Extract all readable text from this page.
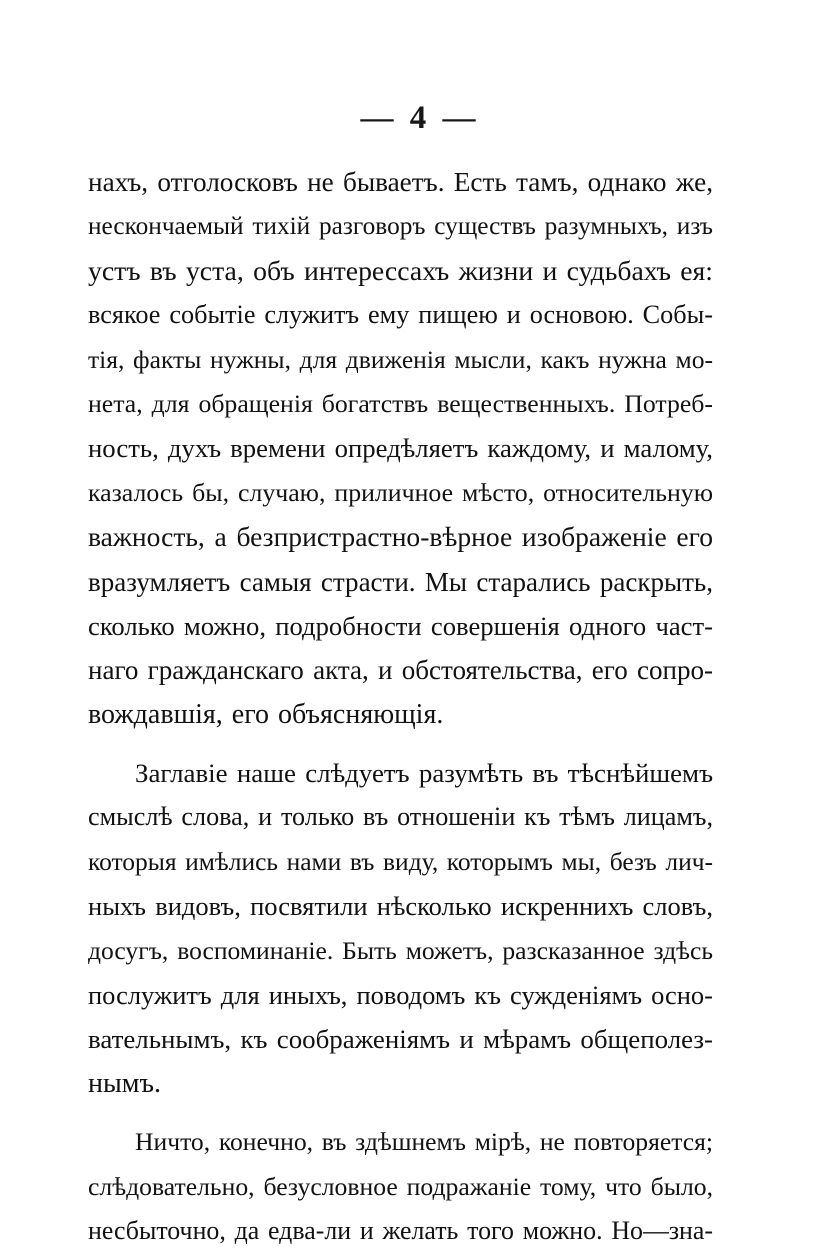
— 4 —
нахъ, отголосковъ не бываетъ. Есть тамъ, однако же,
нескончаемый тихій разговоръ существъ разумныхъ, изъ
устъ въ уста, объ интерессахъ жизни и судьбахъ ея:
всякое событіе служитъ ему пищею и основою. Собы-
тія, факты нужны, для движенія мысли, какъ нужна мо-
нета, для обращенія богатствъ вещественныхъ. Потреб-
ность, духъ времени опредѣляетъ каждому, и малому,
казалось бы, случаю, приличное мѣсто, относительную
важность, а безпристрастно-вѣрное изображеніе его
вразумляетъ самыя страсти. Мы старались раскрыть,
сколько можно, подробности совершенія одного част-
наго гражданскаго акта, и обстоятельства, его сопро-
вождавшія, его объясняющія.
Заглавіе наше слѣдуетъ разумѣть въ тѣснѣйшемъ
смыслѣ слова, и только въ отношеніи къ тѣмъ лицамъ,
которыя имѣлись нами въ виду, которымъ мы, безъ лич-
ныхъ видовъ, посвятили нѣсколько искреннихъ словъ,
досугъ, воспоминаніе. Быть можетъ, разсказанное здѣсь
послужитъ для иныхъ, поводомъ къ сужденіямъ осно-
вательнымъ, къ соображеніямъ и мѣрамъ общеполез-
нымъ.
Ничто, конечно, въ здѣшнемъ мірѣ, не повторяется;
слѣдовательно, безусловное подражаніе тому, что было,
несбыточно, да едва-ли и желать того можно. Но—зна-
